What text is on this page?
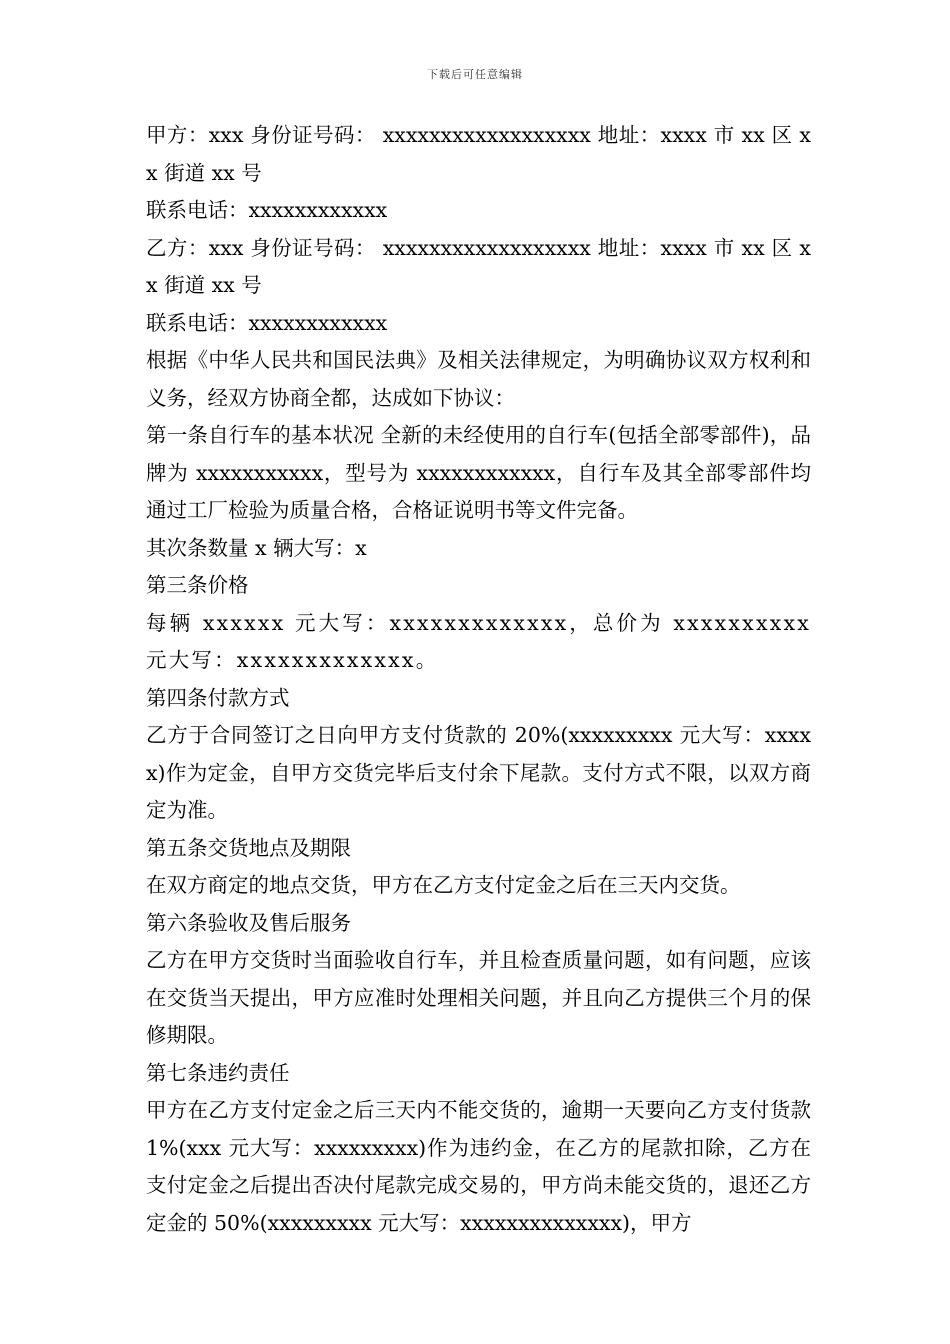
下载后可任意编辑

甲方：xxx 身份证号码： xxxxxxxxxxxxxxxxxx 地址：xxxx 市 xx 区 xx 街道 xx 号

联系电话：xxxxxxxxxxxx

乙方：xxx 身份证号码： xxxxxxxxxxxxxxxxxx 地址：xxxx 市 xx 区 xx 街道 xx 号

联系电话：xxxxxxxxxxxx

根据《中华人民共和国民法典》及相关法律规定，为明确协议双方权利和义务，经双方协商全都，达成如下协议：

第一条自行车的基本状况 全新的未经使用的自行车(包括全部零部件)，品牌为 xxxxxxxxxxx，型号为 xxxxxxxxxxxx，自行车及其全部零部件均通过工厂检验为质量合格，合格证说明书等文件完备。

其次条数量 x 辆大写：x

第三条价格

每辆 xxxxxx 元大写：xxxxxxxxxxxxx，总价为 xxxxxxxxxx 元大写：xxxxxxxxxxxxx。

第四条付款方式

乙方于合同签订之日向甲方支付货款的 20%(xxxxxxxxx 元大写：xxxxx)作为定金，自甲方交货完毕后支付余下尾款。支付方式不限，以双方商定为准。

第五条交货地点及期限

在双方商定的地点交货，甲方在乙方支付定金之后在三天内交货。

第六条验收及售后服务

乙方在甲方交货时当面验收自行车，并且检查质量问题，如有问题，应该在交货当天提出，甲方应准时处理相关问题，并且向乙方提供三个月的保修期限。

第七条违约责任

甲方在乙方支付定金之后三天内不能交货的，逾期一天要向乙方支付货款 1%(xxx 元大写：xxxxxxxxx)作为违约金，在乙方的尾款扣除，乙方在支付定金之后提出否决付尾款完成交易的，甲方尚未能交货的，退还乙方定金的 50%(xxxxxxxxx 元大写：xxxxxxxxxxxxxx)，甲方
